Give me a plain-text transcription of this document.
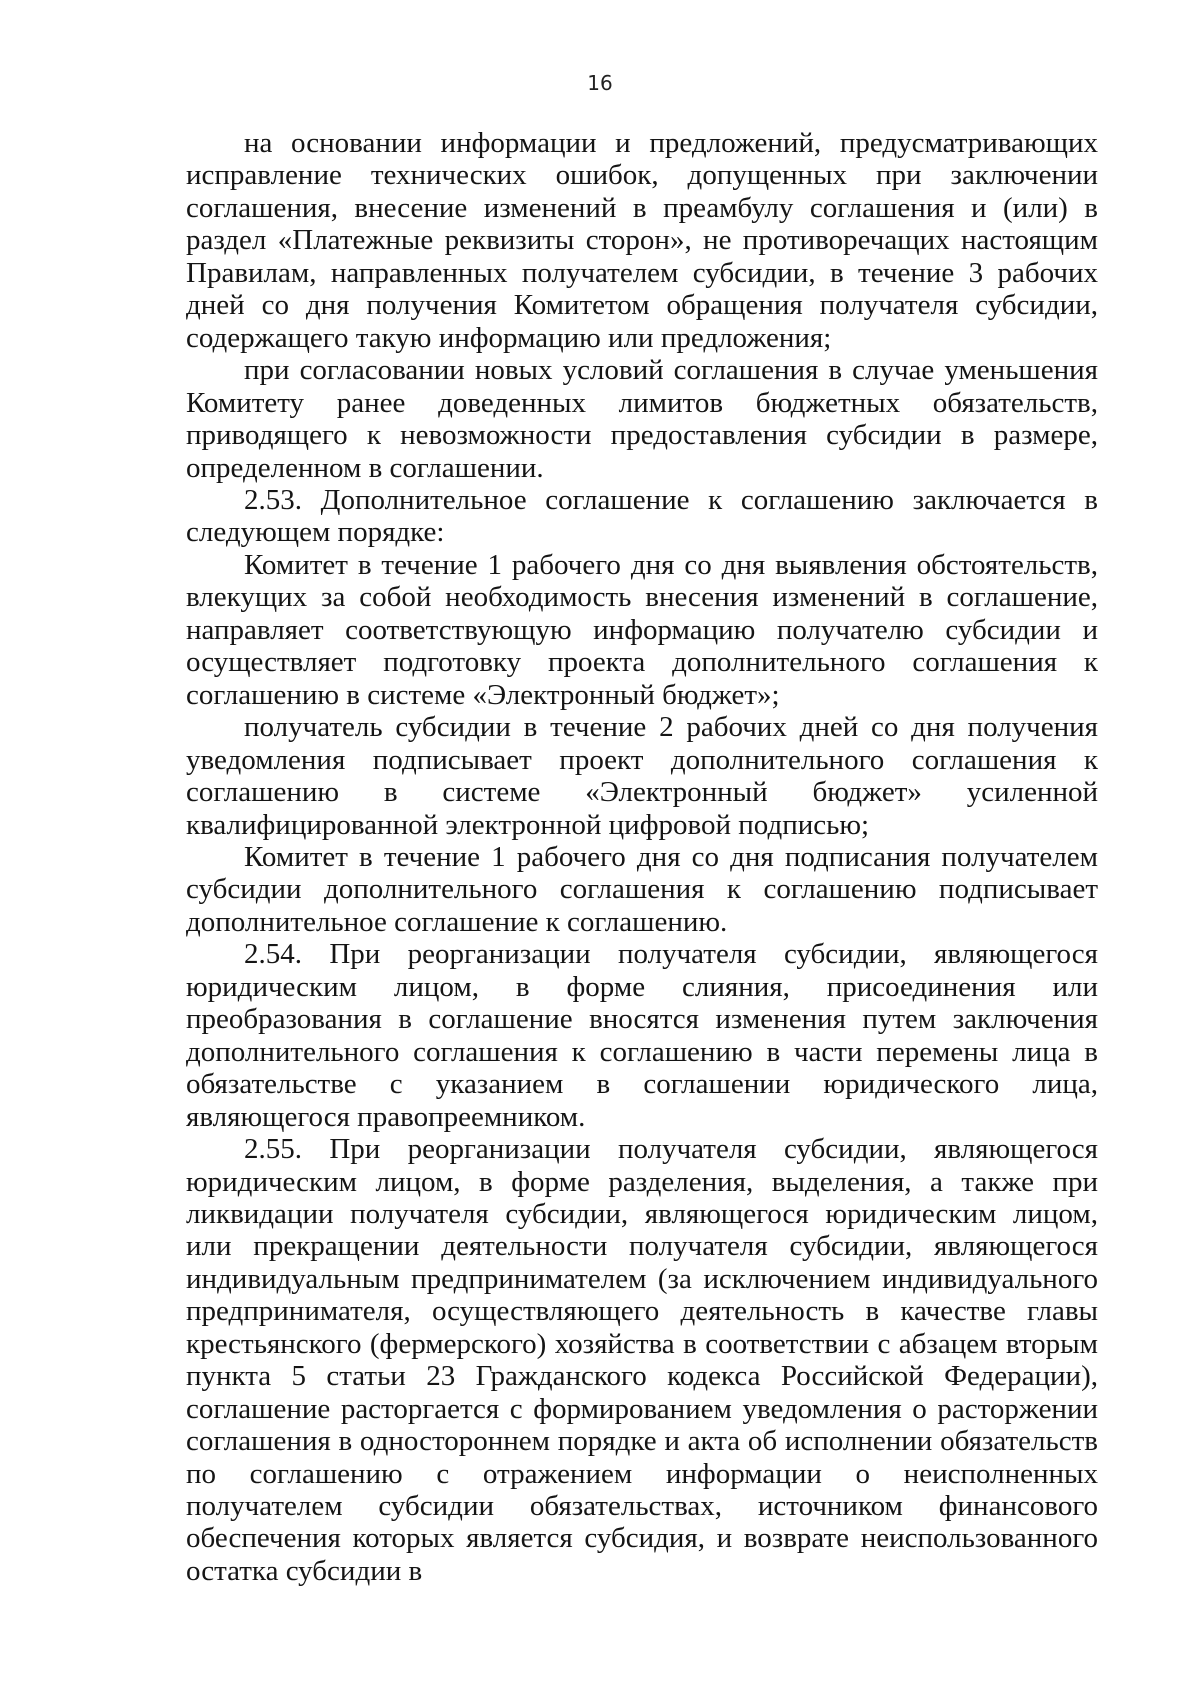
16

на основании информации и предложений, предусматривающих исправление технических ошибок, допущенных при заключении соглашения, внесение изменений в преамбулу соглашения и (или) в раздел «Платежные реквизиты сторон», не противоречащих настоящим Правилам, направленных получателем субсидии, в течение 3 рабочих дней со дня получения Комитетом обращения получателя субсидии, содержащего такую информацию или предложения;

при согласовании новых условий соглашения в случае уменьшения Комитету ранее доведенных лимитов бюджетных обязательств, приводящего к невозможности предоставления субсидии в размере, определенном в соглашении.

2.53. Дополнительное соглашение к соглашению заключается в следующем порядке:

Комитет в течение 1 рабочего дня со дня выявления обстоятельств, влекущих за собой необходимость внесения изменений в соглашение, направляет соответствующую информацию получателю субсидии и осуществляет подготовку проекта дополнительного соглашения к соглашению в системе «Электронный бюджет»;

получатель субсидии в течение 2 рабочих дней со дня получения уведомления подписывает проект дополнительного соглашения к соглашению в системе «Электронный бюджет» усиленной квалифицированной электронной цифровой подписью;

Комитет в течение 1 рабочего дня со дня подписания получателем субсидии дополнительного соглашения к соглашению подписывает дополнительное соглашение к соглашению.

2.54. При реорганизации получателя субсидии, являющегося юридическим лицом, в форме слияния, присоединения или преобразования в соглашение вносятся изменения путем заключения дополнительного соглашения к соглашению в части перемены лица в обязательстве с указанием в соглашении юридического лица, являющегося правопреемником.

2.55. При реорганизации получателя субсидии, являющегося юридическим лицом, в форме разделения, выделения, а также при ликвидации получателя субсидии, являющегося юридическим лицом, или прекращении деятельности получателя субсидии, являющегося индивидуальным предпринимателем (за исключением индивидуального предпринимателя, осуществляющего деятельность в качестве главы крестьянского (фермерского) хозяйства в соответствии с абзацем вторым пункта 5 статьи 23 Гражданского кодекса Российской Федерации), соглашение расторгается с формированием уведомления о расторжении соглашения в одностороннем порядке и акта об исполнении обязательств по соглашению с отражением информации о неисполненных получателем субсидии обязательствах, источником финансового обеспечения которых является субсидия, и возврате неиспользованного остатка субсидии в
